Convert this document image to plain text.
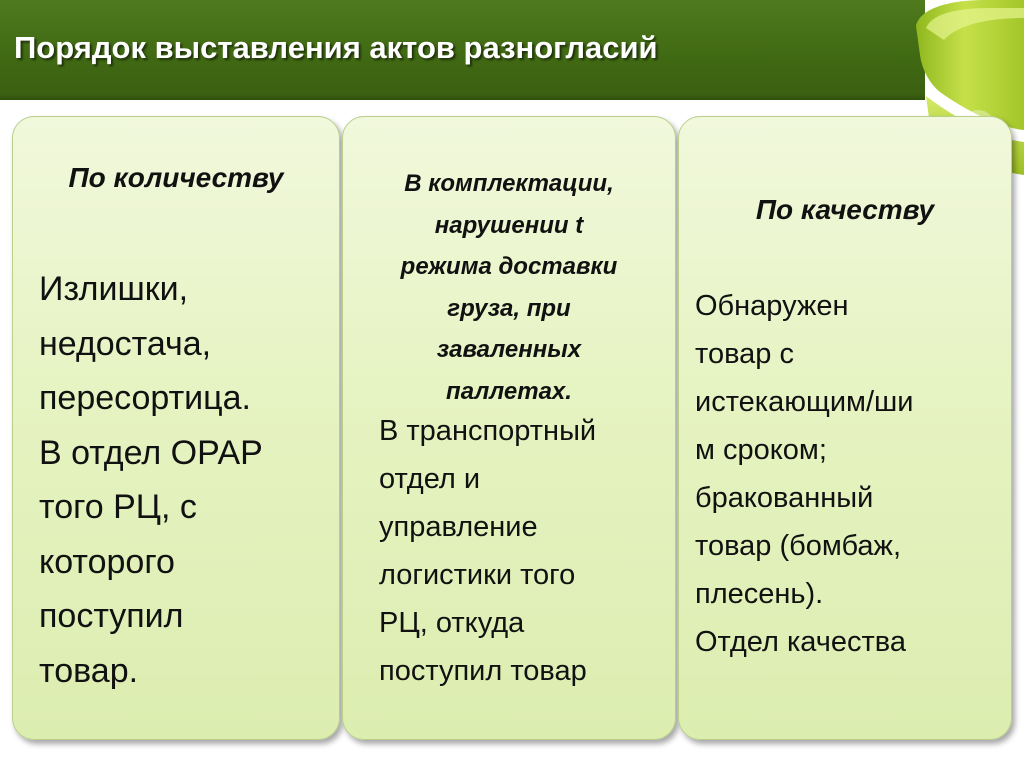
Порядок выставления актов разногласий
По количеству
Излишки,
недостача,
пересортица.
В отдел ОРАР
того РЦ, с
которого
поступил
товар.
В комплектации,
нарушении t
режима доставки
груза, при
заваленных
паллетах.
В транспортный
отдел и
управление
логистики того
РЦ, откуда
поступил товар
По качеству
Обнаружен
товар с
истекающим/ши
м сроком;
бракованный
товар (бомбаж,
плесень).
Отдел качества
